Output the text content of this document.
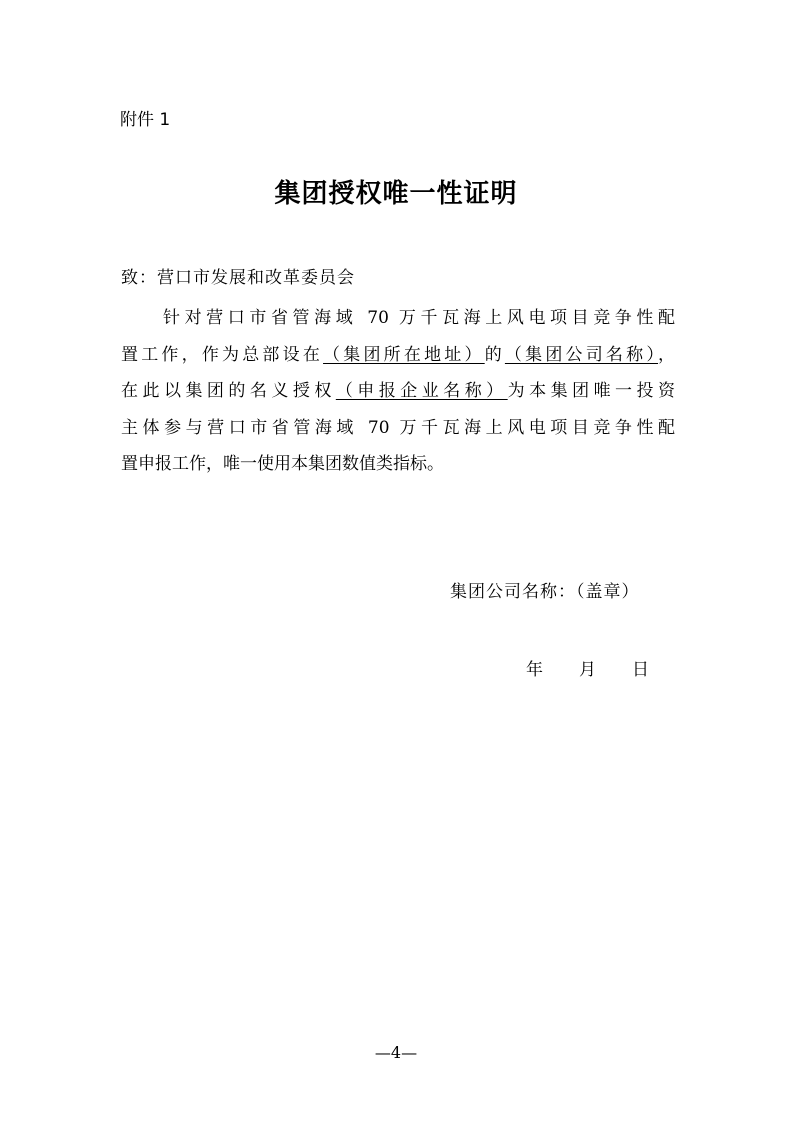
附件 1
集团授权唯一性证明
致：营口市发展和改革委员会
针对营口市省管海域 70 万千瓦海上风电项目竞争性配
置工作，作为总部设在（集团所在地址）的（集团公司名称），
在此以集团的名义授权（申报企业名称）为本集团唯一投资
主体参与营口市省管海域 70 万千瓦海上风电项目竞争性配
置申报工作，唯一使用本集团数值类指标。
集团公司名称：（盖章）
年 月 日
—4—
